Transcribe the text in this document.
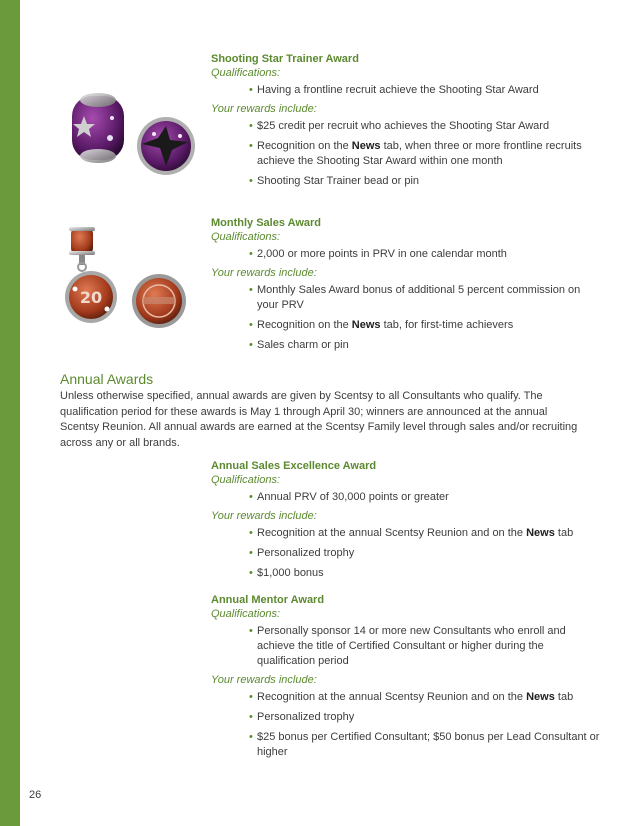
20
Shooting Star Trainer Award
Qualifications:
• Having a frontline recruit achieve the Shooting Star Award
Your rewards include:
• $25 credit per recruit who achieves the Shooting Star Award
• Recognition on the News tab, when three or more frontline recruits achieve the Shooting Star Award within one month
• Shooting Star Trainer bead or pin
Monthly Sales Award
Qualifications:
• 2,000 or more points in PRV in one calendar month
Your rewards include:
• Monthly Sales Award bonus of additional 5 percent commission on your PRV
• Recognition on the News tab, for first-time achievers
• Sales charm or pin
Annual Awards
Unless otherwise specified, annual awards are given by Scentsy to all Consultants who qualify. The qualification period for these awards is May 1 through April 30; winners are announced at the annual Scentsy Reunion. All annual awards are earned at the Scentsy Family level through sales and/or recruiting across any or all brands.
Annual Sales Excellence Award
Qualifications:
• Annual PRV of 30,000 points or greater
Your rewards include:
• Recognition at the annual Scentsy Reunion and on the News tab
• Personalized trophy
• $1,000 bonus
Annual Mentor Award
Qualifications:
• Personally sponsor 14 or more new Consultants who enroll and achieve the title of Certified Consultant or higher during the qualification period
Your rewards include:
• Recognition at the annual Scentsy Reunion and on the News tab
• Personalized trophy
• $25 bonus per Certified Consultant; $50 bonus per Lead Consultant or higher
26
